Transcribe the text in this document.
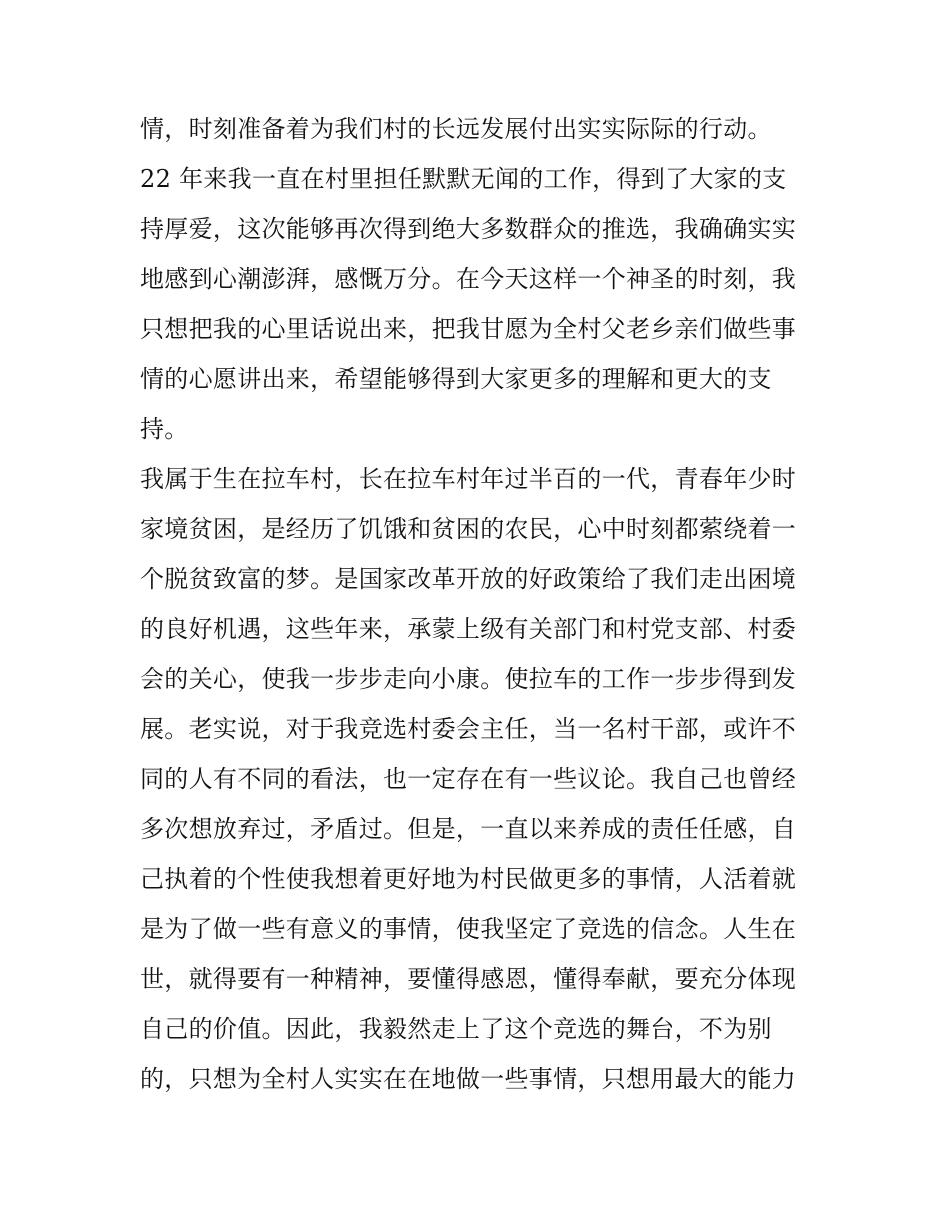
情，时刻准备着为我们村的长远发展付出实实际际的行动。
22 年来我一直在村里担任默默无闻的工作，得到了大家的支
持厚爱，这次能够再次得到绝大多数群众的推选，我确确实实
地感到心潮澎湃，感慨万分。在今天这样一个神圣的时刻，我
只想把我的心里话说出来，把我甘愿为全村父老乡亲们做些事
情的心愿讲出来，希望能够得到大家更多的理解和更大的支
持。
我属于生在拉车村，长在拉车村年过半百的一代，青春年少时
家境贫困，是经历了饥饿和贫困的农民，心中时刻都萦绕着一
个脱贫致富的梦。是国家改革开放的好政策给了我们走出困境
的良好机遇，这些年来，承蒙上级有关部门和村党支部、村委
会的关心，使我一步步走向小康。使拉车的工作一步步得到发
展。老实说，对于我竞选村委会主任，当一名村干部，或许不
同的人有不同的看法，也一定存在有一些议论。我自己也曾经
多次想放弃过，矛盾过。但是，一直以来养成的责任任感，自
己执着的个性使我想着更好地为村民做更多的事情，人活着就
是为了做一些有意义的事情，使我坚定了竞选的信念。人生在
世，就得要有一种精神，要懂得感恩，懂得奉献，要充分体现
自己的价值。因此，我毅然走上了这个竞选的舞台，不为别
的，只想为全村人实实在在地做一些事情，只想用最大的能力
